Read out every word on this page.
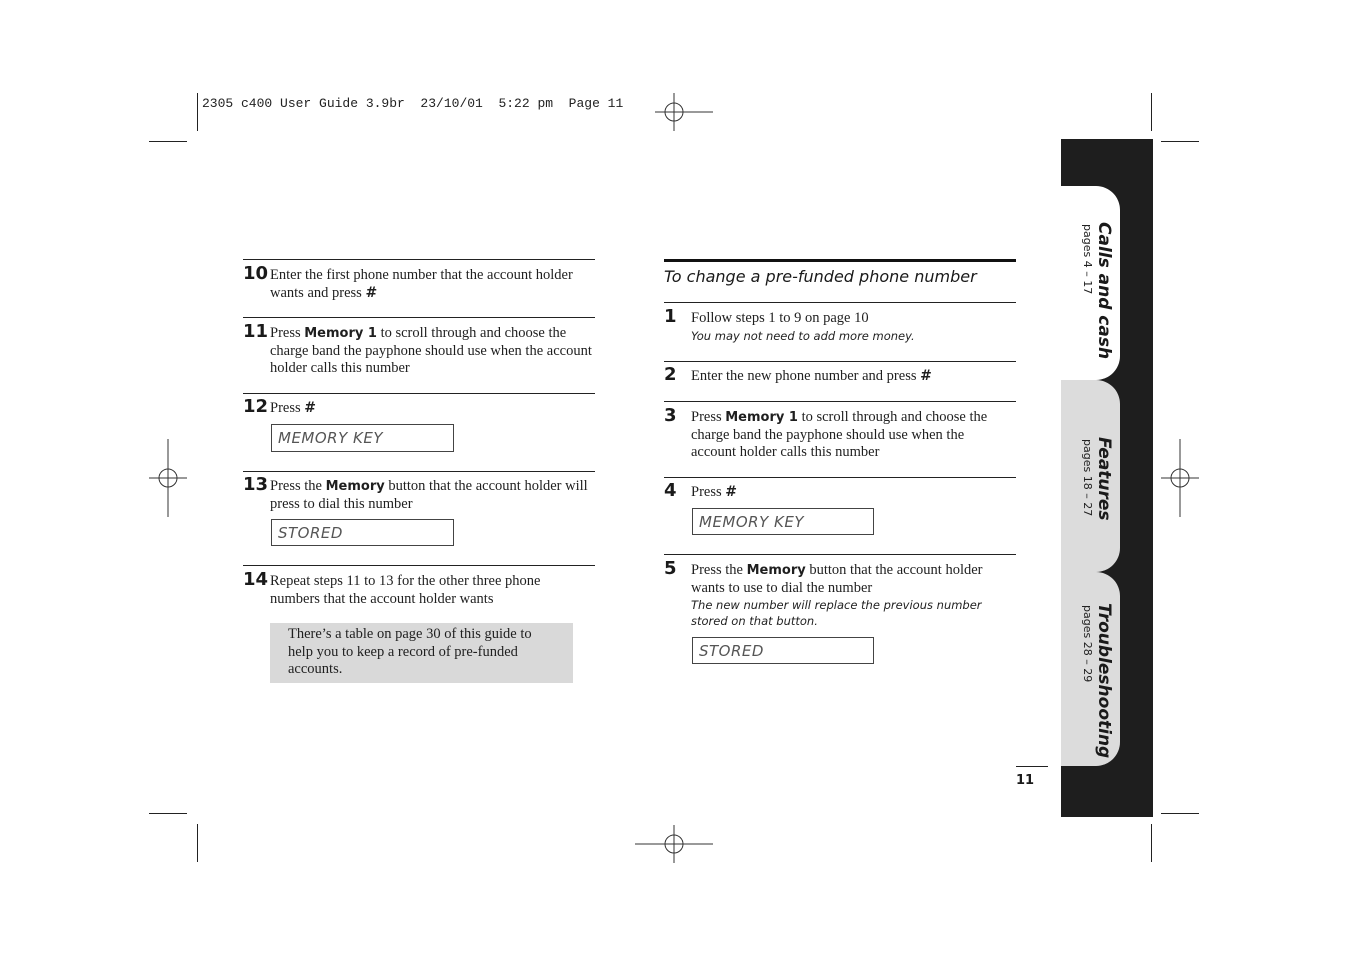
2305 c400 User Guide 3.9br  23/10/01  5:22 pm  Page 11
10 Enter the first phone number that the account holder wants and press #
11 Press Memory 1 to scroll through and choose the charge band the payphone should use when the account holder calls this number
12 Press #
MEMORY KEY
13 Press the Memory button that the account holder will press to dial this number
STORED
14 Repeat steps 11 to 13 for the other three phone numbers that the account holder wants
There’s a table on page 30 of this guide to help you to keep a record of pre-funded accounts.
To change a pre-funded phone number
1 Follow steps 1 to 9 on page 10
You may not need to add more money.
2 Enter the new phone number and press #
3 Press Memory 1 to scroll through and choose the charge band the payphone should use when the account holder calls this number
4 Press #
MEMORY KEY
5 Press the Memory button that the account holder wants to use to dial the number
The new number will replace the previous number stored on that button.
STORED
Calls and cash
pages 4 – 17
Features
pages 18 – 27
Troubleshooting
pages 28 – 29
11
